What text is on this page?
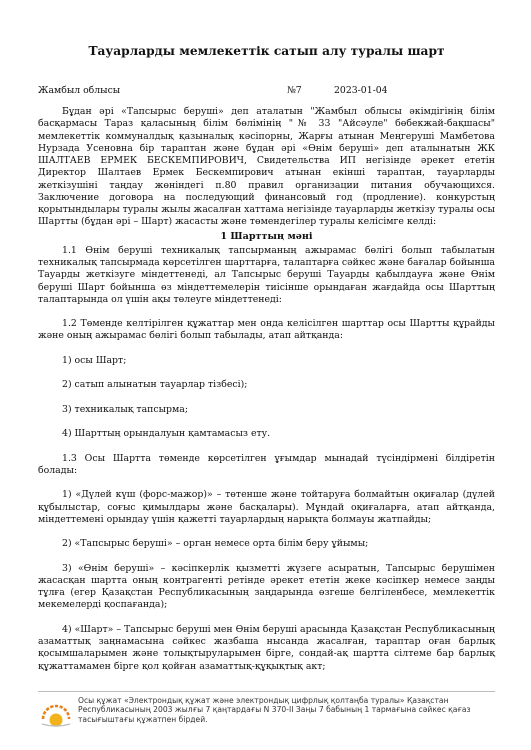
Тауарларды мемлекеттік сатып алу туралы шарт
Жамбыл облысы	№7	2023-01-04

Бұдан әрі «Тапсырыс беруші» деп аталатын "Жамбыл облысы әкімдігінің білім басқармасы Тараз қаласының білім бөлімінің "№ 33 "Айсәуле" бөбекжай-бақшасы" мемлекеттік коммуналдық қазыналық кәсіпорны, Жарғы атынан Меңгеруші Мамбетова Нурзада Усеновна бір тараптан және бұдан әрі «Өнім беруші» деп аталынатын ЖК ШАЛТАЕВ ЕРМЕК БЕСКЕМПИРОВИЧ, Свидетельства ИП негізінде әрекет ететін Директор Шалтаев Ермек Бескемпирович атынан екінші тараптан, тауарларды жеткізушіні таңдау жөніндегі п.80 правил организации питания обучающихся. Заключение договора на последующий финансовый год (продление). конкурстың қорытындылары туралы жылы жасалған хаттама негізінде тауарларды жеткізу туралы осы Шартты (бұдан әрі – Шарт) жасасты және төмендегілер туралы келісімге келді:

1 Шарттың мәні

1.1 Өнім беруші техникалық тапсырманың ажырамас бөлігі болып табылатын техникалық тапсырмада көрсетілген шарттарға, талаптарға сәйкес және бағалар бойынша Тауарды жеткізуге міндеттенеді, ал Тапсырыс беруші Тауарды қабылдауға және Өнім беруші Шарт бойынша өз міндеттемелерін тиісінше орындаған жағдайда осы Шарттың талаптарында ол үшін ақы төлеуге міндеттенеді:

1.2 Төменде келтірілген құжаттар мен онда келісілген шарттар осы Шартты құрайды және оның ажырамас бөлігі болып табылады, атап айтқанда:

1) осы Шарт;

2) сатып алынатын тауарлар тізбесі);

3) техникалық тапсырма;

4) Шарттың орындалуын қамтамасыз ету.

1.3 Осы Шартта төменде көрсетілген ұғымдар мынадай түсіндірмені білдіретін болады:

1) «Дүлей күш (форс-мажор)» – төтенше және тойтаруға болмайтын оқиғалар (дүлей құбылыстар, соғыс қимылдары және басқалары). Мұндай оқиғаларға, атап айтқанда, міндеттемені орындау үшін қажетті тауарлардың нарықта болмауы жатпайды;

2) «Тапсырыс беруші» – орган немесе орта білім беру ұйымы;

3) «Өнім беруші» – кәсіпкерлік қызметті жүзеге асыратын, Тапсырыс берушімен жасасқан шартта оның контрагенті ретінде әрекет ететін жеке кәсіпкер немесе заңды тұлға (егер Қазақстан Республикасының заңдарында өзгеше белгіленбесе, мемлекеттік мекемелерді қоспағанда);

4) «Шарт» – Тапсырыс беруші мен Өнім беруші арасында Қазақстан Республикасының азаматтық заңнамасына сәйкес жазбаша нысанда жасалған, тараптар оған барлық қосымшаларымен және толықтыруларымен бірге, сондай-ақ шартта сілтеме бар барлық құжаттамамен бірге қол қойған азаматтық-құқықтық акт;

Осы құжат «Электрондық құжат және электрондық цифрлық қолтаңба туралы» Қазақстан Республикасының 2003 жылғы 7 қаңтардағы N 370-II Заңы 7 бабының 1 тармағына сәйкес қағаз тасығыштағы құжатпен бірдей.
